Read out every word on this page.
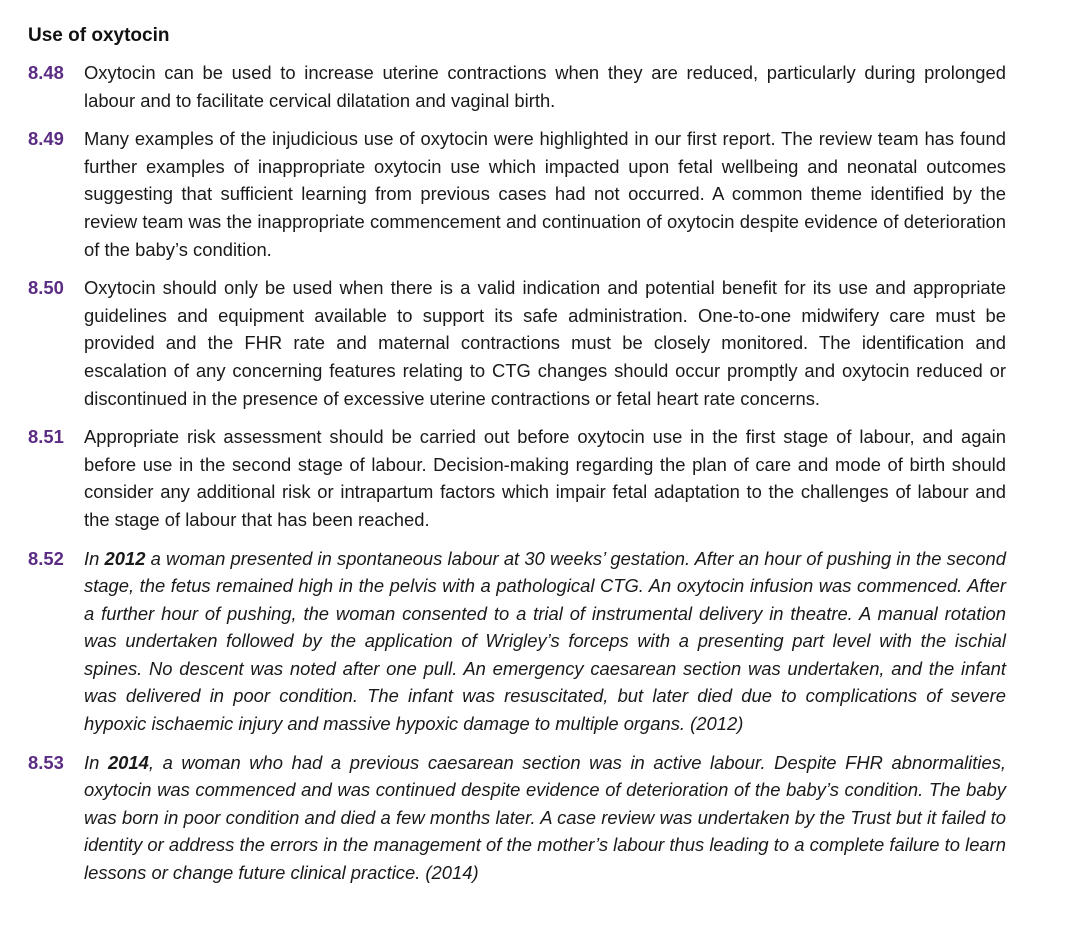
Use of oxytocin
8.48	Oxytocin can be used to increase uterine contractions when they are reduced, particularly during prolonged labour and to facilitate cervical dilatation and vaginal birth.
8.49	Many examples of the injudicious use of oxytocin were highlighted in our first report. The review team has found further examples of inappropriate oxytocin use which impacted upon fetal wellbeing and neonatal outcomes suggesting that sufficient learning from previous cases had not occurred. A common theme identified by the review team was the inappropriate commencement and continuation of oxytocin despite evidence of deterioration of the baby’s condition.
8.50	Oxytocin should only be used when there is a valid indication and potential benefit for its use and appropriate guidelines and equipment available to support its safe administration. One-to-one midwifery care must be provided and the FHR rate and maternal contractions must be closely monitored. The identification and escalation of any concerning features relating to CTG changes should occur promptly and oxytocin reduced or discontinued in the presence of excessive uterine contractions or fetal heart rate concerns.
8.51	Appropriate risk assessment should be carried out before oxytocin use in the first stage of labour, and again before use in the second stage of labour. Decision-making regarding the plan of care and mode of birth should consider any additional risk or intrapartum factors which impair fetal adaptation to the challenges of labour and the stage of labour that has been reached.
8.52	In 2012 a woman presented in spontaneous labour at 30 weeks’ gestation. After an hour of pushing in the second stage, the fetus remained high in the pelvis with a pathological CTG. An oxytocin infusion was commenced. After a further hour of pushing, the woman consented to a trial of instrumental delivery in theatre. A manual rotation was undertaken followed by the application of Wrigley’s forceps with a presenting part level with the ischial spines. No descent was noted after one pull. An emergency caesarean section was undertaken, and the infant was delivered in poor condition. The infant was resuscitated, but later died due to complications of severe hypoxic ischaemic injury and massive hypoxic damage to multiple organs. (2012)
8.53	In 2014, a woman who had a previous caesarean section was in active labour. Despite FHR abnormalities, oxytocin was commenced and was continued despite evidence of deterioration of the baby’s condition. The baby was born in poor condition and died a few months later. A case review was undertaken by the Trust but it failed to identity or address the errors in the management of the mother’s labour thus leading to a complete failure to learn lessons or change future clinical practice. (2014)
